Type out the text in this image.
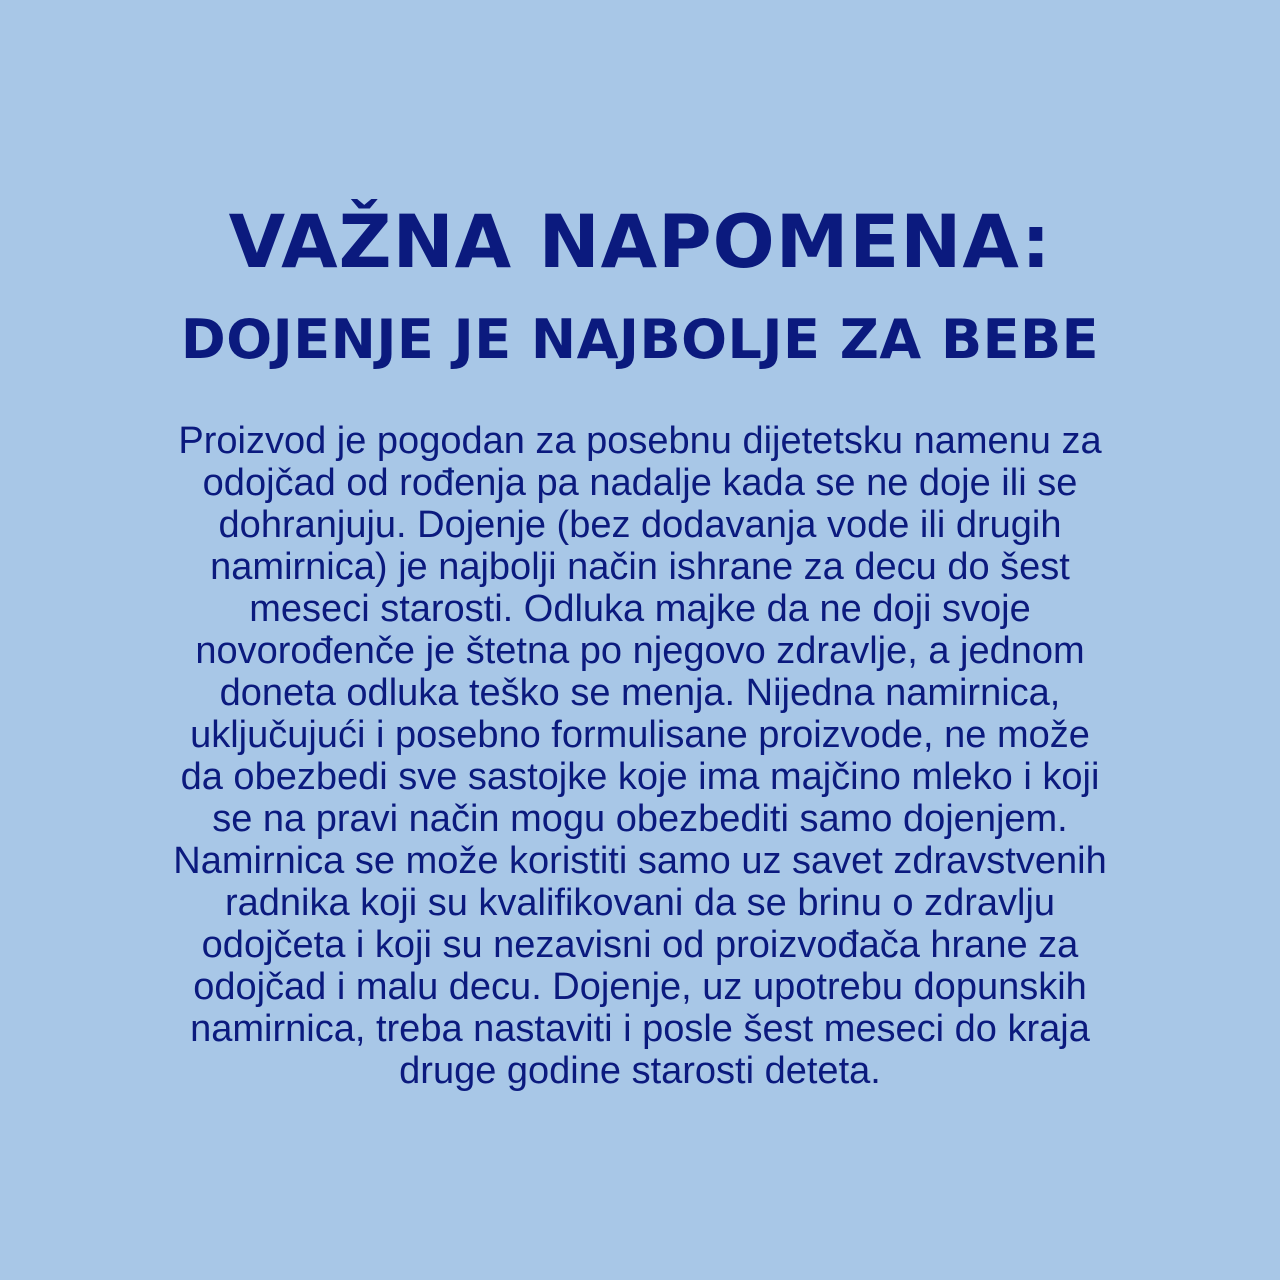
VAŽNA NAPOMENA:
DOJENJE JE NAJBOLJE ZA BEBE

Proizvod je pogodan za posebnu dijetetsku namenu za
odojčad od rođenja pa nadalje kada se ne doje ili se
dohranjuju. Dojenje (bez dodavanja vode ili drugih
namirnica) je najbolji način ishrane za decu do šest
meseci starosti. Odluka majke da ne doji svoje
novorođenče je štetna po njegovo zdravlje, a jednom
doneta odluka teško se menja. Nijedna namirnica,
uključujući i posebno formulisane proizvode, ne može
da obezbedi sve sastojke koje ima majčino mleko i koji
se na pravi način mogu obezbediti samo dojenjem.
Namirnica se može koristiti samo uz savet zdravstvenih
radnika koji su kvalifikovani da se brinu o zdravlju
odojčeta i koji su nezavisni od proizvođača hrane za
odojčad i malu decu. Dojenje, uz upotrebu dopunskih
namirnica, treba nastaviti i posle šest meseci do kraja
druge godine starosti deteta.
